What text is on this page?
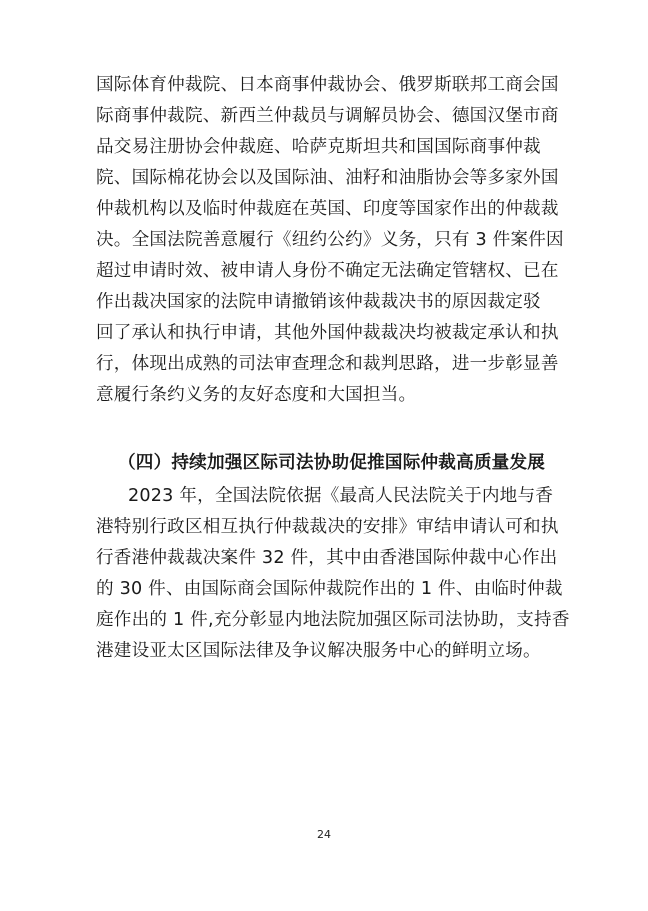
国际体育仲裁院、日本商事仲裁协会、俄罗斯联邦工商会国
际商事仲裁院、新西兰仲裁员与调解员协会、德国汉堡市商
品交易注册协会仲裁庭、哈萨克斯坦共和国国际商事仲裁
院、国际棉花协会以及国际油、油籽和油脂协会等多家外国
仲裁机构以及临时仲裁庭在英国、印度等国家作出的仲裁裁
决。全国法院善意履行《纽约公约》义务，只有 3 件案件因
超过申请时效、被申请人身份不确定无法确定管辖权、已在
作出裁决国家的法院申请撤销该仲裁裁决书的原因裁定驳
回了承认和执行申请，其他外国仲裁裁决均被裁定承认和执
行，体现出成熟的司法审查理念和裁判思路，进一步彰显善
意履行条约义务的友好态度和大国担当。
（四）持续加强区际司法协助促推国际仲裁高质量发展
2023 年，全国法院依据《最高人民法院关于内地与香
港特别行政区相互执行仲裁裁决的安排》审结申请认可和执
行香港仲裁裁决案件 32 件，其中由香港国际仲裁中心作出
的 30 件、由国际商会国际仲裁院作出的 1 件、由临时仲裁
庭作出的 1 件,充分彰显内地法院加强区际司法协助，支持香
港建设亚太区国际法律及争议解决服务中心的鲜明立场。
24
